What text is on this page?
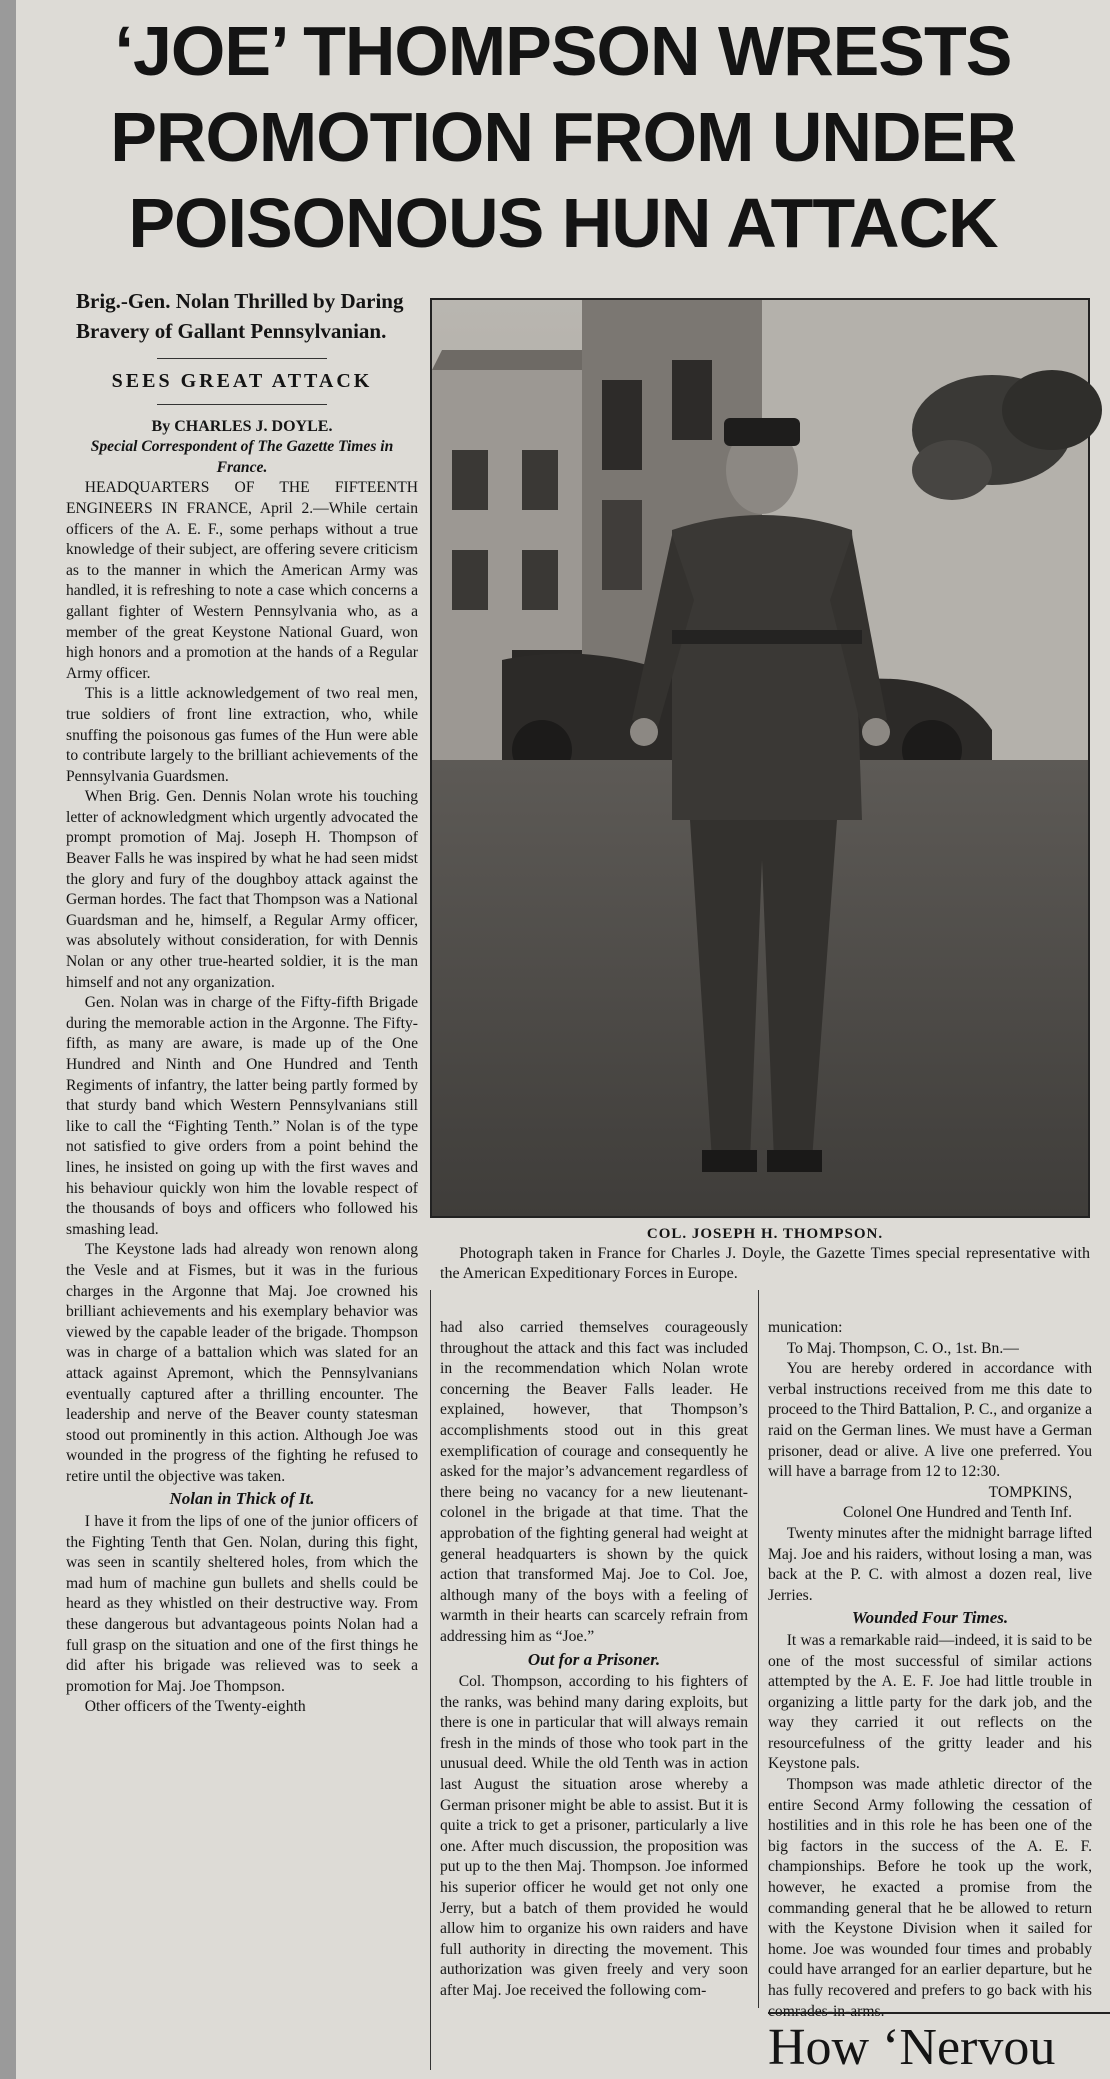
‘JOE’ THOMPSON WRESTS
PROMOTION FROM UNDER
POISONOUS HUN ATTACK

Brig.-Gen. Nolan Thrilled by Daring Bravery of Gallant Pennsylvanian.

SEES GREAT ATTACK

By CHARLES J. DOYLE.

Special Correspondent of The Gazette Times in France.

HEADQUARTERS OF THE FIFTEENTH ENGINEERS IN FRANCE, April 2.—While certain officers of the A. E. F., some perhaps without a true knowledge of their subject, are offering severe criticism as to the manner in which the American Army was handled, it is refreshing to note a case which concerns a gallant fighter of Western Pennsylvania who, as a member of the great Keystone National Guard, won high honors and a promotion at the hands of a Regular Army officer.

This is a little acknowledgement of two real men, true soldiers of front line extraction, who, while snuffing the poisonous gas fumes of the Hun were able to contribute largely to the brilliant achievements of the Pennsylvania Guardsmen.

When Brig. Gen. Dennis Nolan wrote his touching letter of acknowledgment which urgently advocated the prompt promotion of Maj. Joseph H. Thompson of Beaver Falls he was inspired by what he had seen midst the glory and fury of the doughboy attack against the German hordes. The fact that Thompson was a National Guardsman and he, himself, a Regular Army officer, was absolutely without consideration, for with Dennis Nolan or any other true-hearted soldier, it is the man himself and not any organization.

Gen. Nolan was in charge of the Fifty-fifth Brigade during the memorable action in the Argonne. The Fifty-fifth, as many are aware, is made up of the One Hundred and Ninth and One Hundred and Tenth Regiments of infantry, the latter being partly formed by that sturdy band which Western Pennsylvanians still like to call the “Fighting Tenth.” Nolan is of the type not satisfied to give orders from a point behind the lines, he insisted on going up with the first waves and his behaviour quickly won him the lovable respect of the thousands of boys and officers who followed his smashing lead.

The Keystone lads had already won renown along the Vesle and at Fismes, but it was in the furious charges in the Argonne that Maj. Joe crowned his brilliant achievements and his exemplary behavior was viewed by the capable leader of the brigade. Thompson was in charge of a battalion which was slated for an attack against Apremont, which the Pennsylvanians eventually captured after a thrilling encounter. The leadership and nerve of the Beaver county statesman stood out prominently in this action. Although Joe was wounded in the progress of the fighting he refused to retire until the objective was taken.

Nolan in Thick of It.

I have it from the lips of one of the junior officers of the Fighting Tenth that Gen. Nolan, during this fight, was seen in scantily sheltered holes, from which the mad hum of machine gun bullets and shells could be heard as they whistled on their destructive way. From these dangerous but advantageous points Nolan had a full grasp on the situation and one of the first things he did after his brigade was relieved was to seek a promotion for Maj. Joe Thompson.

Other officers of the Twenty-eighth

COL. JOSEPH H. THOMPSON.
Photograph taken in France for Charles J. Doyle, the Gazette Times special representative with the American Expeditionary Forces in Europe.

had also carried themselves courageously throughout the attack and this fact was included in the recommendation which Nolan wrote concerning the Beaver Falls leader. He explained, however, that Thompson’s accomplishments stood out in this great exemplification of courage and consequently he asked for the major’s advancement regardless of there being no vacancy for a new lieutenant-colonel in the brigade at that time. That the approbation of the fighting general had weight at general headquarters is shown by the quick action that transformed Maj. Joe to Col. Joe, although many of the boys with a feeling of warmth in their hearts can scarcely refrain from addressing him as “Joe.”

Out for a Prisoner.

Col. Thompson, according to his fighters of the ranks, was behind many daring exploits, but there is one in particular that will always remain fresh in the minds of those who took part in the unusual deed. While the old Tenth was in action last August the situation arose whereby a German prisoner might be able to assist. But it is quite a trick to get a prisoner, particularly a live one. After much discussion, the proposition was put up to the then Maj. Thompson. Joe informed his superior officer he would get not only one Jerry, but a batch of them provided he would allow him to organize his own raiders and have full authority in directing the movement. This authorization was given freely and very soon after Maj. Joe received the following com-

munication:

To Maj. Thompson, C. O., 1st. Bn.—

You are hereby ordered in accordance with verbal instructions received from me this date to proceed to the Third Battalion, P. C., and organize a raid on the German lines. We must have a German prisoner, dead or alive. A live one preferred. You will have a barrage from 12 to 12:30.

TOMPKINS,

Colonel One Hundred and Tenth Inf.

Twenty minutes after the midnight barrage lifted Maj. Joe and his raiders, without losing a man, was back at the P. C. with almost a dozen real, live Jerries.

Wounded Four Times.

It was a remarkable raid—indeed, it is said to be one of the most successful of similar actions attempted by the A. E. F. Joe had little trouble in organizing a little party for the dark job, and the way they carried it out reflects on the resourcefulness of the gritty leader and his Keystone pals.

Thompson was made athletic director of the entire Second Army following the cessation of hostilities and in this role he has been one of the big factors in the success of the A. E. F. championships. Before he took up the work, however, he exacted a promise from the commanding general that he be allowed to return with the Keystone Division when it sailed for home. Joe was wounded four times and probably could have arranged for an earlier departure, but he has fully recovered and prefers to go back with his comrades-in-arms.

How ‘Nervou
